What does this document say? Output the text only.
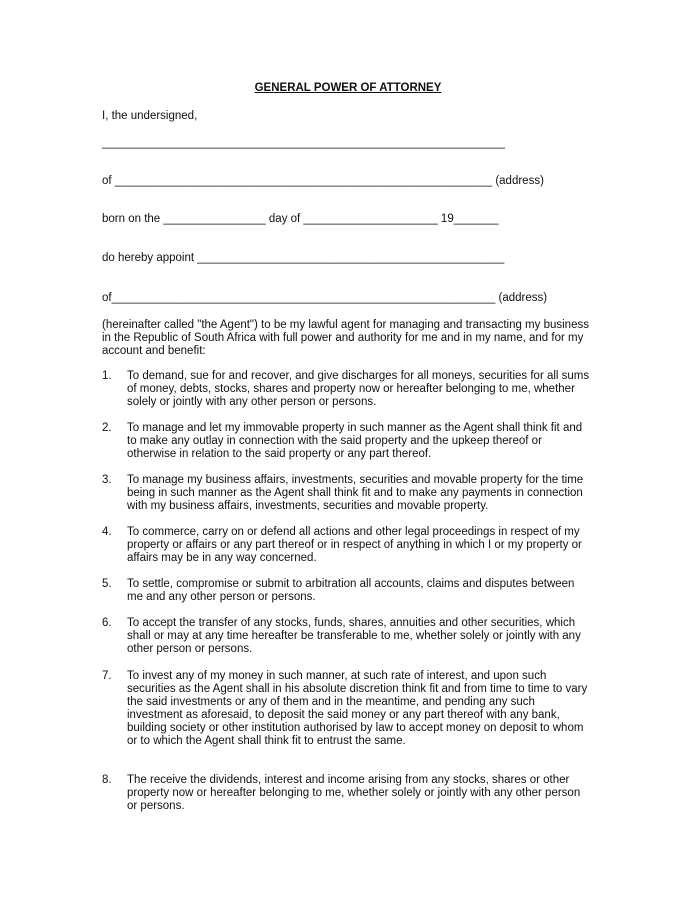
GENERAL POWER OF ATTORNEY
I, the undersigned,
_______________________________________________________________
of ___________________________________________________________ (address)
born on the ________________ day of _____________________ 19_______
do hereby appoint ________________________________________________
of____________________________________________________________ (address)
(hereinafter called "the Agent") to be my lawful agent for managing and transacting my business in the Republic of South Africa with full power and authority for me and in my name, and for my account and benefit:
1. To demand, sue for and recover, and give discharges for all moneys, securities for all sums of money, debts, stocks, shares and property now or hereafter belonging to me, whether solely or jointly with any other person or persons.
2. To manage and let my immovable property in such manner as the Agent shall think fit and to make any outlay in connection with the said property and the upkeep thereof or otherwise in relation to the said property or any part thereof.
3. To manage my business affairs, investments, securities and movable property for the time being in such manner as the Agent shall think fit and to make any payments in connection with my business affairs, investments, securities and movable property.
4. To commerce, carry on or defend all actions and other legal proceedings in respect of my property or affairs or any part thereof or in respect of anything in which I or my property or affairs may be in any way concerned.
5. To settle, compromise or submit to arbitration all accounts, claims and disputes between me and any other person or persons.
6. To accept the transfer of any stocks, funds, shares, annuities and other securities, which shall or may at any time hereafter be transferable to me, whether solely or jointly with any other person or persons.
7. To invest any of my money in such manner, at such rate of interest, and upon such securities as the Agent shall in his absolute discretion think fit and from time to time to vary the said investments or any of them and in the meantime, and pending any such investment as aforesaid, to deposit the said money or any part thereof with any bank, building society or other institution authorised by law to accept money on deposit to whom or to which the Agent shall think fit to entrust the same.
8. The receive the dividends, interest and income arising from any stocks, shares or other property now or hereafter belonging to me, whether solely or jointly with any other person or persons.
